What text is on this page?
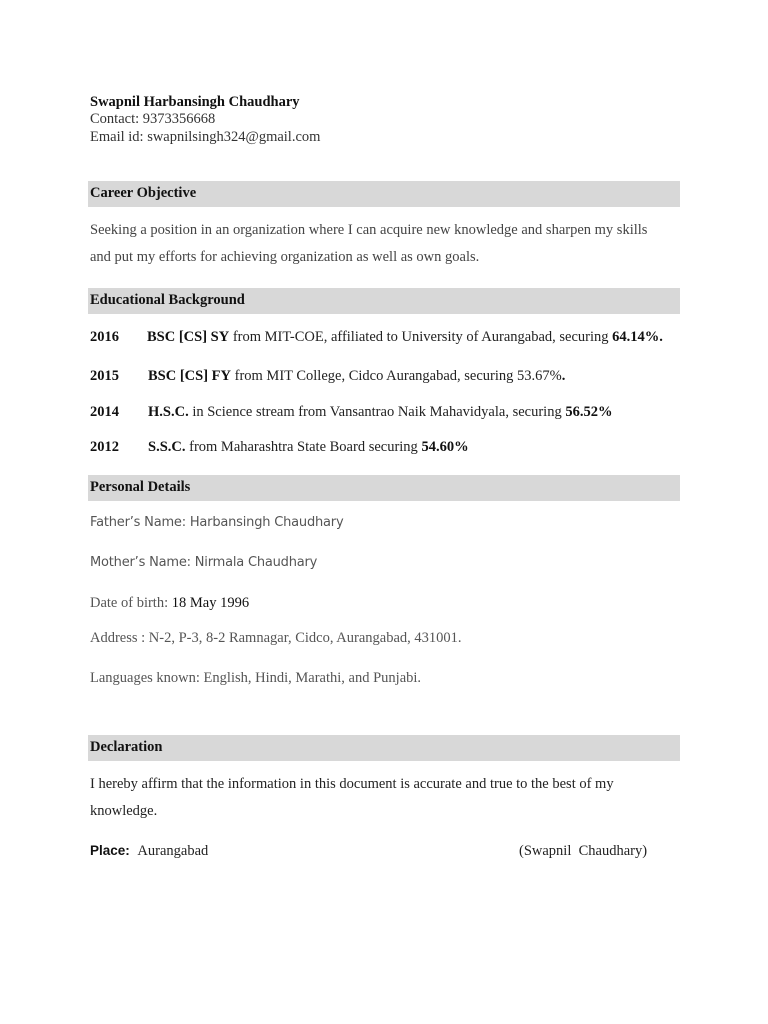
Swapnil Harbansingh Chaudhary
Contact: 9373356668
Email id: swapnilsingh324@gmail.com
Career Objective
Seeking a position in an organization where I can acquire new knowledge and sharpen my skills
and put my efforts for achieving organization as well as own goals.
Educational Background
2016 BSC [CS] SY from MIT-COE, affiliated to University of Aurangabad, securing 64.14%.
2015 BSC [CS] FY from MIT College, Cidco Aurangabad, securing 53.67%.
2014 H.S.C. in Science stream from Vansantrao Naik Mahavidyala, securing 56.52%
2012 S.S.C. from Maharashtra State Board securing 54.60%
Personal Details
Father’s Name: Harbansingh Chaudhary
Mother’s Name: Nirmala Chaudhary
Date of birth: 18 May 1996
Address : N-2, P-3, 8-2 Ramnagar, Cidco, Aurangabad, 431001.
Languages known: English, Hindi, Marathi, and Punjabi.
Declaration
I hereby affirm that the information in this document is accurate and true to the best of my
knowledge.
Place: Aurangabad	(Swapnil  Chaudhary)
